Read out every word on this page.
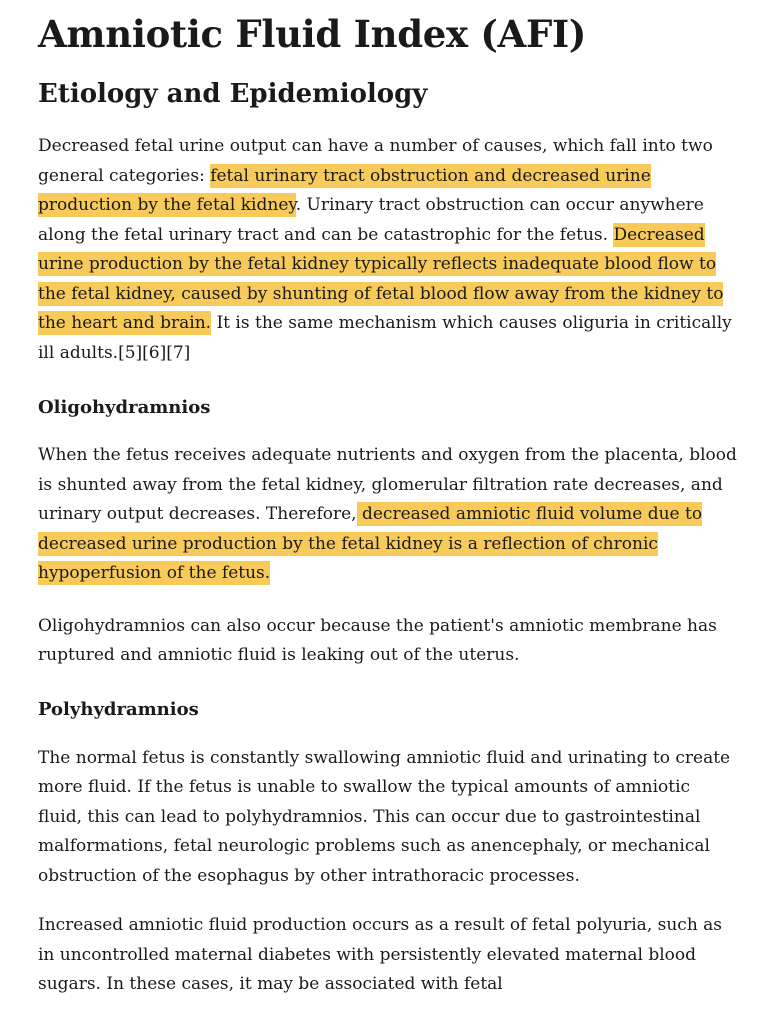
Amniotic Fluid Index (AFI)
Etiology and Epidemiology

Decreased fetal urine output can have a number of causes, which fall into two general categories: fetal urinary tract obstruction and decreased urine production by the fetal kidney. Urinary tract obstruction can occur anywhere along the fetal urinary tract and can be catastrophic for the fetus. Decreased urine production by the fetal kidney typically reflects inadequate blood flow to the fetal kidney, caused by shunting of fetal blood flow away from the kidney to the heart and brain. It is the same mechanism which causes oliguria in critically ill adults.[5][6][7]

Oligohydramnios

When the fetus receives adequate nutrients and oxygen from the placenta, blood is shunted away from the fetal kidney, glomerular filtration rate decreases, and urinary output decreases. Therefore, decreased amniotic fluid volume due to decreased urine production by the fetal kidney is a reflection of chronic hypoperfusion of the fetus.

Oligohydramnios can also occur because the patient's amniotic membrane has ruptured and amniotic fluid is leaking out of the uterus.

Polyhydramnios

The normal fetus is constantly swallowing amniotic fluid and urinating to create more fluid. If the fetus is unable to swallow the typical amounts of amniotic fluid, this can lead to polyhydramnios. This can occur due to gastrointestinal malformations, fetal neurologic problems such as anencephaly, or mechanical obstruction of the esophagus by other intrathoracic processes.

Increased amniotic fluid production occurs as a result of fetal polyuria, such as in uncontrolled maternal diabetes with persistently elevated maternal blood sugars. In these cases, it may be associated with fetal
